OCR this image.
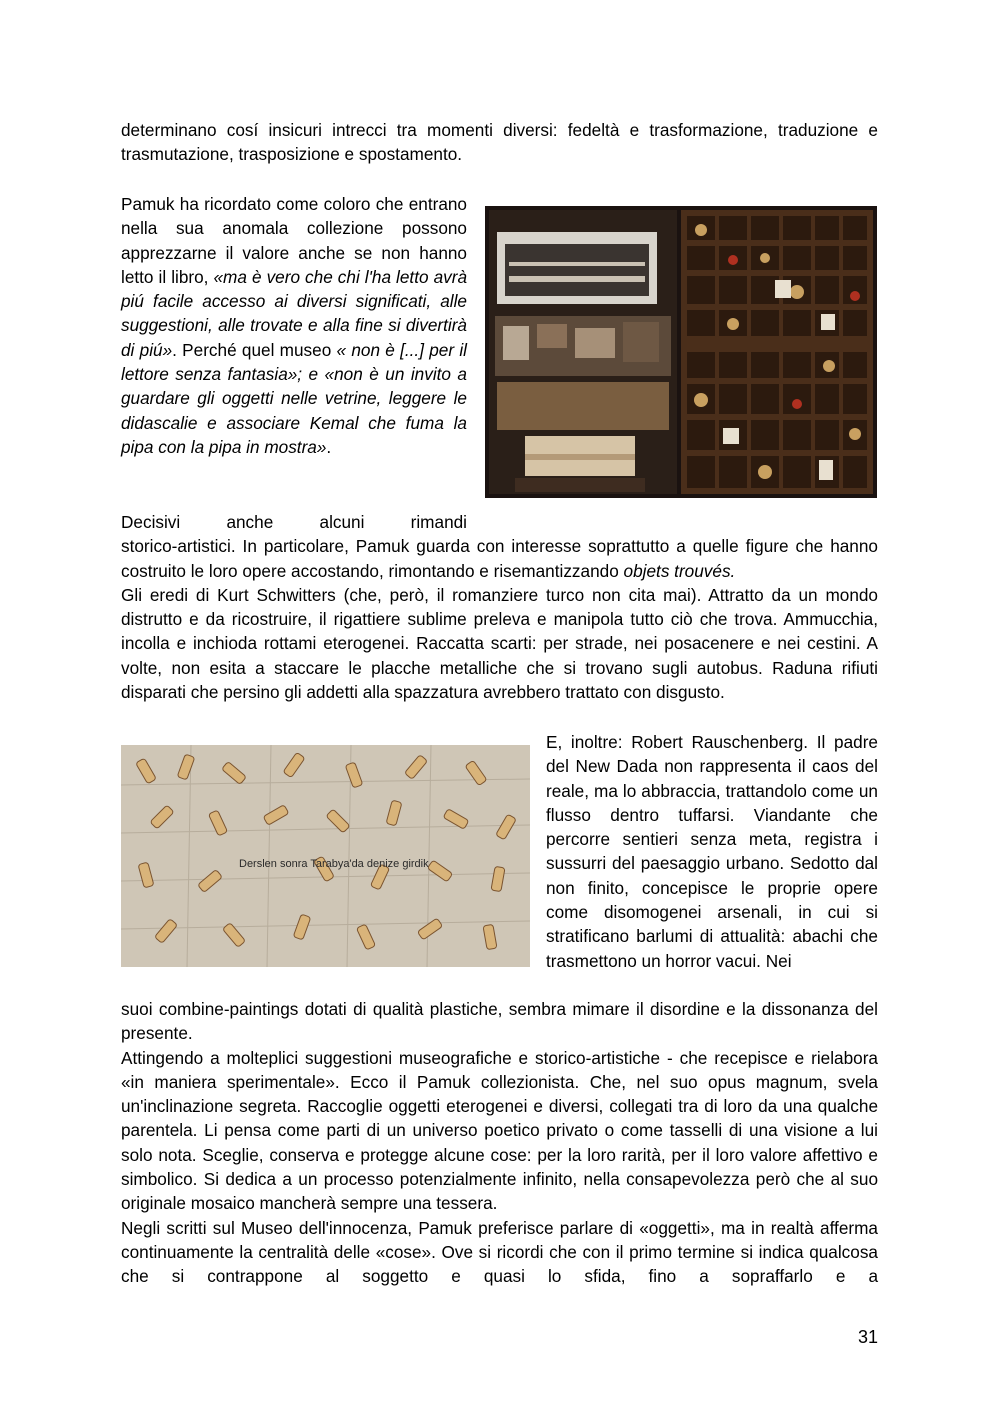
determinano cosí insicuri intrecci tra momenti diversi: fedeltà e trasformazione, traduzione e trasmutazione, trasposizione e spostamento.

Pamuk ha ricordato come coloro che entrano nella sua anomala collezione possono apprezzarne il valore anche se non hanno letto il libro, «ma è vero che chi l'ha letto avrà piú facile accesso ai diversi significati, alle suggestioni, alle trovate e alla fine si divertirà di piú». Perché quel museo « non è [...] per il lettore senza fantasia»; e «non è un invito a guardare gli oggetti nelle vetrine, leggere le didascalie e associare Kemal che fuma la pipa con la pipa in mostra».

Decisivi anche alcuni rimandi

storico-artistici. In particolare, Pamuk guarda con interesse soprattutto a quelle figure che hanno costruito le loro opere accostando, rimontando e risemantizzando objets trouvés.

Gli eredi di Kurt Schwitters (che, però, il romanziere turco non cita mai). Attratto da un mondo distrutto e da ricostruire, il rigattiere sublime preleva e manipola tutto ciò che trova. Ammucchia, incolla e inchioda rottami eterogenei. Raccatta scarti: per strade, nei posacenere e nei cestini. A volte, non esita a staccare le placche metalliche che si trovano sugli autobus. Raduna rifiuti disparati che persino gli addetti alla spazzatura avrebbero trattato con disgusto.

Derslen sonra Tarabya'da denize girdik
E, inoltre: Robert Rauschenberg. Il padre del New Dada non rappresenta il caos del reale, ma lo abbraccia, trattandolo come un flusso dentro tuffarsi. Viandante che percorre sentieri senza meta, registra i sussurri del paesaggio urbano. Sedotto dal non finito, concepisce le proprie opere come disomogenei arsenali, in cui si stratificano barlumi di attualità: abachi che trasmettono un horror vacui. Nei

suoi combine-paintings dotati di qualità plastiche, sembra mimare il disordine e la dissonanza del presente.

Attingendo a molteplici suggestioni museografiche e storico-artistiche - che recepisce e rielabora «in maniera sperimentale». Ecco il Pamuk collezionista. Che, nel suo opus magnum, svela un'inclinazione segreta. Raccoglie oggetti eterogenei e diversi, collegati tra di loro da una qualche parentela. Li pensa come parti di un universo poetico privato o come tasselli di una visione a lui solo nota. Sceglie, conserva e protegge alcune cose: per la loro rarità, per il loro valore affettivo e simbolico. Si dedica a un processo potenzialmente infinito, nella consapevolezza però che al suo originale mosaico mancherà sempre una tessera.

Negli scritti sul Museo dell'innocenza, Pamuk preferisce parlare di «oggetti», ma in realtà afferma continuamente la centralità delle «cose». Ove si ricordi che con il primo termine si indica qualcosa che si contrappone al soggetto e quasi lo sfida, fino a sopraffarlo e a

31
